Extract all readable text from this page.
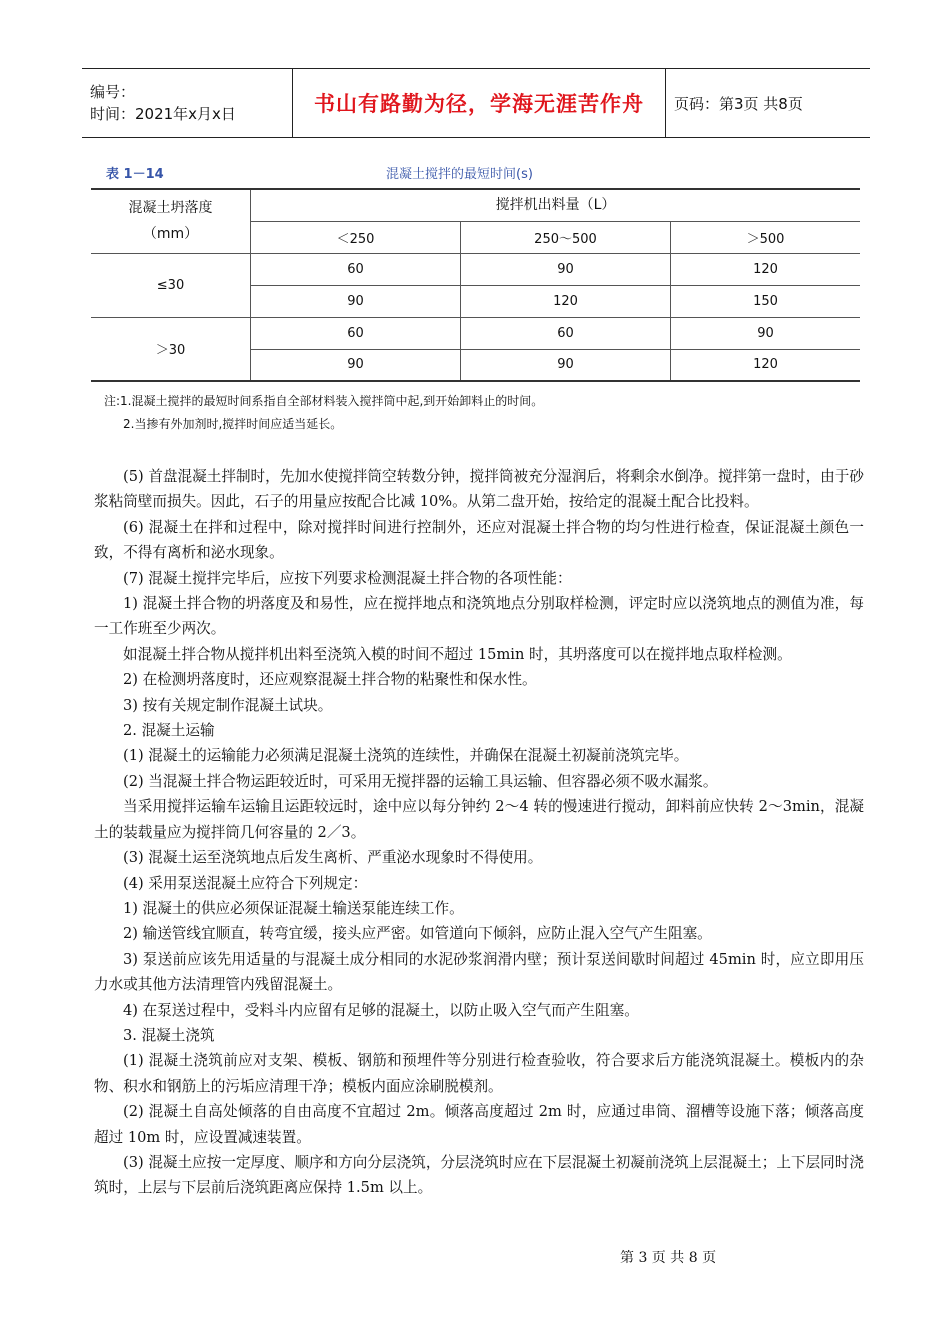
编号：
时间：2021年x月x日	书山有路勤为径，学海无涯苦作舟	页码：第3页 共8页
表 1－14	混凝土搅拌的最短时间(s)
混凝土坍落度
（mm）	搅拌机出料量（L）		
	＜250	250～500	＞500
≤30	60	90	120
	90	120	150
＞30	60	60	90
	90	90	120
注:1.混凝土搅拌的最短时间系指自全部材料装入搅拌筒中起,到开始卸料止的时间。
2.当掺有外加剂时,搅拌时间应适当延长。

(5) 首盘混凝土拌制时，先加水使搅拌筒空转数分钟，搅拌筒被充分湿润后，将剩余水倒净。搅拌第一盘时，由于砂浆粘筒壁而损失。因此，石子的用量应按配合比减 10%。从第二盘开始，按给定的混凝土配合比投料。

(6) 混凝土在拌和过程中，除对搅拌时间进行控制外，还应对混凝土拌合物的均匀性进行检查，保证混凝土颜色一致，不得有离析和泌水现象。

(7) 混凝土搅拌完毕后，应按下列要求检测混凝土拌合物的各项性能：

1) 混凝土拌合物的坍落度及和易性，应在搅拌地点和浇筑地点分别取样检测，评定时应以浇筑地点的测值为准，每一工作班至少两次。

如混凝土拌合物从搅拌机出料至浇筑入模的时间不超过 15min 时，其坍落度可以在搅拌地点取样检测。

2) 在检测坍落度时，还应观察混凝土拌合物的粘聚性和保水性。

3) 按有关规定制作混凝土试块。

2. 混凝土运输

(1) 混凝土的运输能力必须满足混凝土浇筑的连续性，并确保在混凝土初凝前浇筑完毕。

(2) 当混凝土拌合物运距较近时，可采用无搅拌器的运输工具运输、但容器必须不吸水漏浆。

当采用搅拌运输车运输且运距较远时，途中应以每分钟约 2～4 转的慢速进行搅动，卸料前应快转 2～3min，混凝土的装载量应为搅拌筒几何容量的 2／3。

(3) 混凝土运至浇筑地点后发生离析、严重泌水现象时不得使用。

(4) 采用泵送混凝土应符合下列规定：

1) 混凝土的供应必须保证混凝土输送泵能连续工作。

2) 输送管线宜顺直，转弯宜缓，接头应严密。如管道向下倾斜，应防止混入空气产生阻塞。

3) 泵送前应该先用适量的与混凝土成分相同的水泥砂浆润滑内壁；预计泵送间歇时间超过 45min 时，应立即用压力水或其他方法清理管内残留混凝土。

4) 在泵送过程中，受料斗内应留有足够的混凝土，以防止吸入空气而产生阻塞。

3. 混凝土浇筑

(1) 混凝土浇筑前应对支架、模板、钢筋和预埋件等分别进行检查验收，符合要求后方能浇筑混凝土。模板内的杂物、积水和钢筋上的污垢应清理干净；模板内面应涂刷脱模剂。

(2) 混凝土自高处倾落的自由高度不宜超过 2m。倾落高度超过 2m 时，应通过串筒、溜槽等设施下落；倾落高度超过 10m 时，应设置减速装置。

(3) 混凝土应按一定厚度、顺序和方向分层浇筑，分层浇筑时应在下层混凝土初凝前浇筑上层混凝土；上下层同时浇筑时，上层与下层前后浇筑距离应保持 1.5m 以上。

第 3 页 共 8 页
